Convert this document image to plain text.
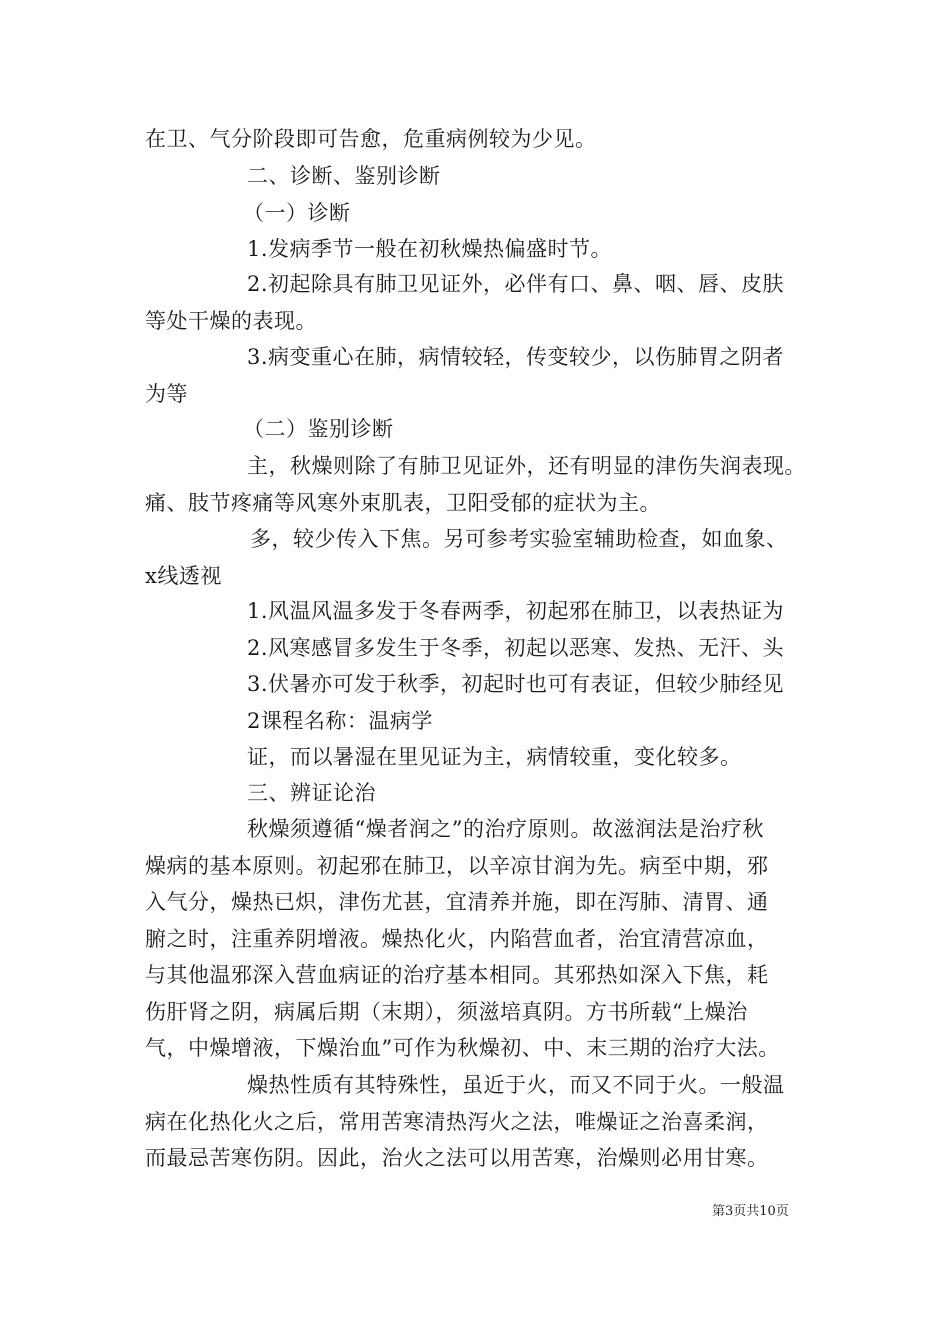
在卫、气分阶段即可告愈，危重病例较为少见。
二、诊断、鉴别诊断
（一）诊断
1.发病季节一般在初秋燥热偏盛时节。
2.初起除具有肺卫见证外，必伴有口、鼻、咽、唇、皮肤
等处干燥的表现。
3.病变重心在肺，病情较轻，传变较少，以伤肺胃之阴者
为等
（二）鉴别诊断
主，秋燥则除了有肺卫见证外，还有明显的津伤失润表现。
痛、肢节疼痛等风寒外束肌表，卫阳受郁的症状为主。
多，较少传入下焦。另可参考实验室辅助检查，如血象、
x线透视
1.风温风温多发于冬春两季，初起邪在肺卫，以表热证为
2.风寒感冒多发生于冬季，初起以恶寒、发热、无汗、头
3.伏暑亦可发于秋季，初起时也可有表证，但较少肺经见
2课程名称：温病学
证，而以暑湿在里见证为主，病情较重，变化较多。
三、辨证论治
秋燥须遵循“燥者润之”的治疗原则。故滋润法是治疗秋
燥病的基本原则。初起邪在肺卫，以辛凉甘润为先。病至中期，邪
入气分，燥热已炽，津伤尤甚，宜清养并施，即在泻肺、清胃、通
腑之时，注重养阴增液。燥热化火，内陷营血者，治宜清营凉血，
与其他温邪深入营血病证的治疗基本相同。其邪热如深入下焦，耗
伤肝肾之阴，病属后期（末期），须滋培真阴。方书所载“上燥治
气，中燥增液，下燥治血”可作为秋燥初、中、末三期的治疗大法。
燥热性质有其特殊性，虽近于火，而又不同于火。一般温
病在化热化火之后，常用苦寒清热泻火之法，唯燥证之治喜柔润，
而最忌苦寒伤阴。因此，治火之法可以用苦寒，治燥则必用甘寒。
第3页共10页
